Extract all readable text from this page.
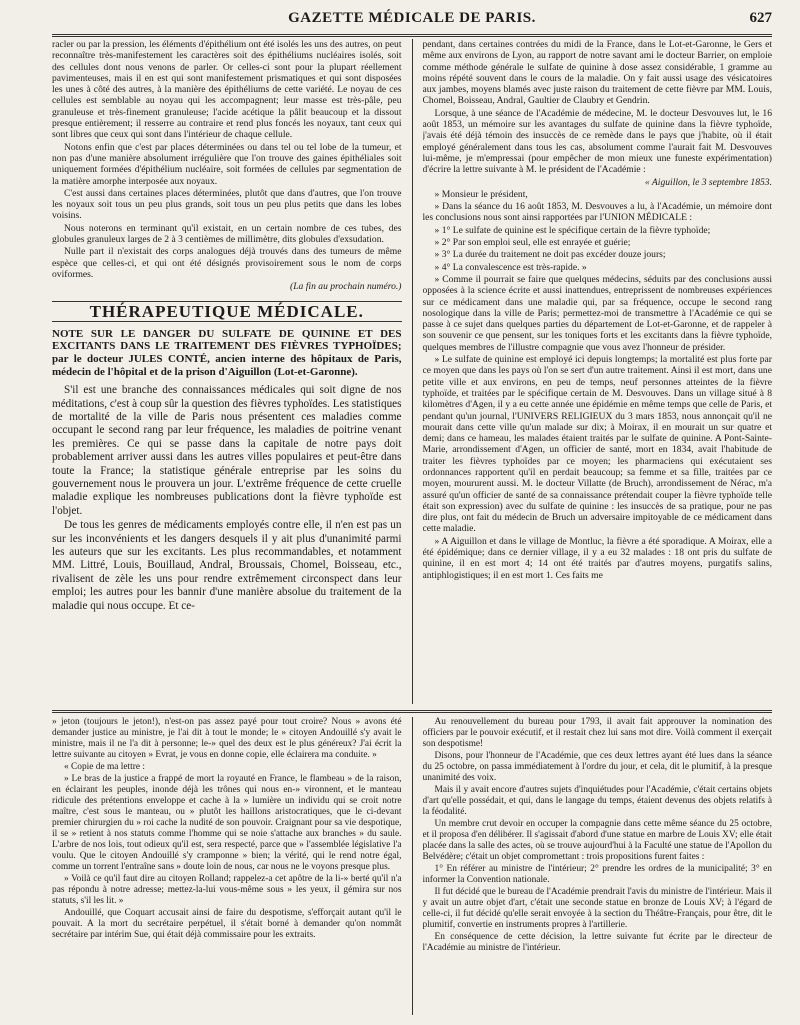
GAZETTE MÉDICALE DE PARIS.	627

racler ou par la pression, les éléments d'épithélium ont été isolés les uns des autres, on peut reconnaître très-manifestement les caractères soit des épithéliums nucléaires isolés, soit des cellules dont nous venons de parler. Or celles-ci sont pour la plupart réellement pavimenteuses, mais il en est qui sont manifestement prismatiques et qui sont disposées les unes à côté des autres, à la manière des épithéliums de cette variété. Le noyau de ces cellules est semblable au noyau qui les accompagnent; leur masse est très-pâle, peu granuleuse et très-finement granuleuse; l'acide acétique la pâlit beaucoup et la dissout presque entièrement; il resserre au contraire et rend plus foncés les noyaux, tant ceux qui sont libres que ceux qui sont dans l'intérieur de chaque cellule.

Notons enfin que c'est par places déterminées ou dans tel ou tel lobe de la tumeur, et non pas d'une manière absolument irrégulière que l'on trouve des gaines épithéliales soit uniquement formées d'épithélium nucléaire, soit formées de cellules par segmentation de la matière amorphe interposée aux noyaux.

C'est aussi dans certaines places déterminées, plutôt que dans d'autres, que l'on trouve les noyaux soit tous un peu plus grands, soit tous un peu plus petits que dans les lobes voisins.

Nous noterons en terminant qu'il existait, en un certain nombre de ces tubes, des globules granuleux larges de 2 à 3 centièmes de millimètre, dits globules d'exsudation.

Nulle part il n'existait des corps analogues déjà trouvés dans des tumeurs de même espèce que celles-ci, et qui ont été désignés provisoirement sous le nom de corps oviformes.

(La fin au prochain numéro.)

THÉRAPEUTIQUE MÉDICALE.
NOTE SUR LE DANGER DU SULFATE DE QUININE ET DES EXCITANTS DANS LE TRAITEMENT DES FIÈVRES TYPHOÏDES; par le docteur JULES CONTÉ, ancien interne des hôpitaux de Paris, médecin de l'hôpital et de la prison d'Aiguillon (Lot-et-Garonne).

S'il est une branche des connaissances médicales qui soit digne de nos méditations, c'est à coup sûr la question des fièvres typhoïdes. Les statistiques de mortalité de la ville de Paris nous présentent ces maladies comme occupant le second rang par leur fréquence, les maladies de poitrine venant les premières. Ce qui se passe dans la capitale de notre pays doit probablement arriver aussi dans les autres villes populaires et peut-être dans toute la France; la statistique générale entreprise par les soins du gouvernement nous le prouvera un jour. L'extrême fréquence de cette cruelle maladie explique les nombreuses publications dont la fièvre typhoïde est l'objet.

De tous les genres de médicaments employés contre elle, il n'en est pas un sur les inconvénients et les dangers desquels il y ait plus d'unanimité parmi les auteurs que sur les excitants. Les plus recommandables, et notamment MM. Littré, Louis, Bouillaud, Andral, Broussais, Chomel, Boisseau, etc., rivalisent de zèle les uns pour rendre extrêmement circonspect dans leur emploi; les autres pour les bannir d'une manière absolue du traitement de la maladie qui nous occupe. Et ce-

pendant, dans certaines contrées du midi de la France, dans le Lot-et-Garonne, le Gers et même aux environs de Lyon, au rapport de notre savant ami le docteur Barrier, on emploie comme méthode générale le sulfate de quinine à dose assez considérable, 1 gramme au moins répété souvent dans le cours de la maladie. On y fait aussi usage des vésicatoires aux jambes, moyens blamés avec juste raison du traitement de cette fièvre par MM. Louis, Chomel, Boisseau, Andral, Gaultier de Claubry et Gendrin.

Lorsque, à une séance de l'Académie de médecine, M. le docteur Desvouves lut, le 16 août 1853, un mémoire sur les avantages du sulfate de quinine dans la fièvre typhoïde, j'avais été déjà témoin des insuccès de ce remède dans le pays que j'habite, où il était employé généralement dans tous les cas, absolument comme l'aurait fait M. Desvouves lui-même, je m'empressai (pour empêcher de mon mieux une funeste expérimentation) d'écrire la lettre suivante à M. le président de l'Académie :

« Aiguillon, le 3 septembre 1853.

» Monsieur le président,

» Dans la séance du 16 août 1853, M. Desvouves a lu, à l'Académie, un mémoire dont les conclusions nous sont ainsi rapportées par l'UNION MÉDICALE :

» 1° Le sulfate de quinine est le spécifique certain de la fièvre typhoïde;

» 2° Par son emploi seul, elle est enrayée et guérie;

» 3° La durée du traitement ne doit pas excéder douze jours;

» 4° La convalescence est très-rapide. »

» Comme il pourrait se faire que quelques médecins, séduits par des conclusions aussi opposées à la science écrite et aussi inattendues, entreprissent de nombreuses expériences sur ce médicament dans une maladie qui, par sa fréquence, occupe le second rang nosologique dans la ville de Paris; permettez-moi de transmettre à l'Académie ce qui se passe à ce sujet dans quelques parties du département de Lot-et-Garonne, et de rappeler à son souvenir ce que pensent, sur les toniques forts et les excitants dans la fièvre typhoïde, quelques membres de l'illustre compagnie que vous avez l'honneur de présider.

» Le sulfate de quinine est employé ici depuis longtemps; la mortalité est plus forte par ce moyen que dans les pays où l'on se sert d'un autre traitement. Ainsi il est mort, dans une petite ville et aux environs, en peu de temps, neuf personnes atteintes de la fièvre typhoïde, et traitées par le spécifique certain de M. Desvouves. Dans un village situé à 8 kilomètres d'Agen, il y a eu cette année une épidémie en même temps que celle de Paris, et pendant qu'un journal, l'UNIVERS RELIGIEUX du 3 mars 1853, nous annonçait qu'il ne mourait dans cette ville qu'un malade sur dix; à Moirax, il en mourait un sur quatre et demi; dans ce hameau, les malades étaient traités par le sulfate de quinine. A Pont-Sainte-Marie, arrondissement d'Agen, un officier de santé, mort en 1834, avait l'habitude de traiter les fièvres typhoïdes par ce moyen; les pharmaciens qui exécutaient ses ordonnances rapportent qu'il en perdait beaucoup; sa femme et sa fille, traitées par ce moyen, moururent aussi. M. le docteur Villatte (de Bruch), arrondissement de Nérac, m'a assuré qu'un officier de santé de sa connaissance prétendait couper la fièvre typhoïde telle était son expression) avec du sulfate de quinine : les insuccès de sa pratique, pour ne pas dire plus, ont fait du médecin de Bruch un adversaire impitoyable de ce médicament dans cette maladie.

» A Aiguillon et dans le village de Montluc, la fièvre a été sporadique. A Moirax, elle a été épidémique; dans ce dernier village, il y a eu 32 malades : 18 ont pris du sulfate de quinine, il en est mort 4; 14 ont été traités par d'autres moyens, purgatifs salins, antiphlogistiques; il en est mort 1. Ces faits me

» jeton (toujours le jeton!), n'est-on pas assez payé pour tout croire? Nous » avons été demander justice au ministre, je l'ai dit à tout le monde; le » citoyen Andouillé s'y avait le ministre, mais il ne l'a dit à personne; le-» quel des deux est le plus généreux? J'ai écrit la lettre suivante au citoyen » Evrat, je vous en donne copie, elle éclairera ma conduite. »

« Copie de ma lettre :

» Le bras de la justice a frappé de mort la royauté en France, le flambeau » de la raison, en éclairant les peuples, inonde déjà les trônes qui nous en-» vironnent, et le manteau ridicule des prétentions enveloppe et cache à la » lumière un individu qui se croit notre maître, c'est sous le manteau, ou » plutôt les haillons aristocratiques, que le ci-devant premier chirurgien du » roi cache la nudité de son pouvoir. Craignant pour sa vie despotique, il se » retient à nos statuts comme l'homme qui se noie s'attache aux branches » du saule. L'arbre de nos lois, tout odieux qu'il est, sera respecté, parce que » l'assemblée législative l'a voulu. Que le citoyen Andouillé s'y cramponne » bien; la vérité, qui le rend notre égal, comme un torrent l'entraîne sans » doute loin de nous, car nous ne le voyons presque plus.

» Voilà ce qu'il faut dire au citoyen Rolland; rappelez-a cet apôtre de la li-» berté qu'il n'a pas répondu à notre adresse; mettez-la-lui vous-même sous » les yeux, il gémira sur nos statuts, s'il les lit. »

Andouillé, que Coquart accusait ainsi de faire du despotisme, s'efforçait autant qu'il le pouvait. A la mort du secrétaire perpétuel, il s'était borné à demander qu'on nommât secrétaire par intérim Sue, qui était déjà commissaire pour les extraits.

Au renouvellement du bureau pour 1793, il avait fait approuver la nomination des officiers par le pouvoir exécutif, et il restait chez lui sans mot dire. Voilà comment il exerçait son despotisme!

Disons, pour l'honneur de l'Académie, que ces deux lettres ayant été lues dans la séance du 25 octobre, on passa immédiatement à l'ordre du jour, et cela, dit le plumitif, à la presque unanimité des voix.

Mais il y avait encore d'autres sujets d'inquiétudes pour l'Académie, c'était certains objets d'art qu'elle possédait, et qui, dans le langage du temps, étaient devenus des objets relatifs à la féodalité.

Un membre crut devoir en occuper la compagnie dans cette même séance du 25 octobre, et il proposa d'en délibérer. Il s'agissait d'abord d'une statue en marbre de Louis XV; elle était placée dans la salle des actes, où se trouve aujourd'hui à la Faculté une statue de l'Apollon du Belvédère; c'était un objet compromettant : trois propositions furent faites :

1° En référer au ministre de l'intérieur; 2° prendre les ordres de la municipalité; 3° en informer la Convention nationale.

Il fut décidé que le bureau de l'Académie prendrait l'avis du ministre de l'intérieur. Mais il y avait un autre objet d'art, c'était une seconde statue en bronze de Louis XV; à l'égard de celle-ci, il fut décidé qu'elle serait envoyée à la section du Théâtre-Français, pour être, dit le plumitif, convertie en instruments propres à l'artillerie.

En conséquence de cette décision, la lettre suivante fut écrite par le directeur de l'Académie au ministre de l'intérieur.
